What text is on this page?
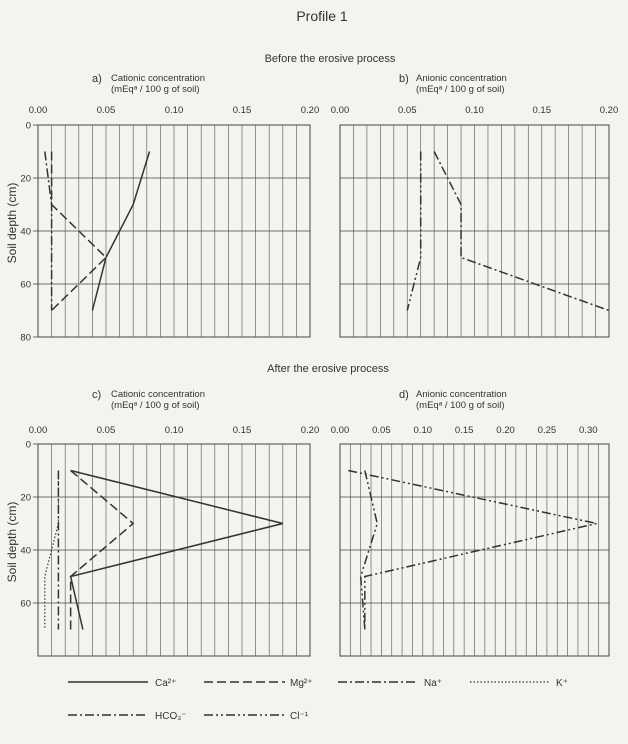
Profile 1
Before the erosive process
After the erosive process
0.00	0.05	0.10	0.15	0.20
0
20
40
60
80
Soil depth (cm)
a) Cationic concentration
(mEqᵃ / 100 g of soil)
0.00	0.05	0.10	0.15	0.20
b) Anionic concentration
(mEqᵃ / 100 g of soil)
0.00	0.05	0.10	0.15	0.20
0
20
40
60
Soil depth (cm)
c) Cationic concentration
(mEqᵃ / 100 g of soil)
0.00 0.05 0.10 0.15 0.20 0.25 0.30
d) Anionic concentration
(mEqᵃ / 100 g of soil)
Ca²⁺	Mg²⁺	Na⁺	K⁺
HCO₃⁻	Cl⁻¹
